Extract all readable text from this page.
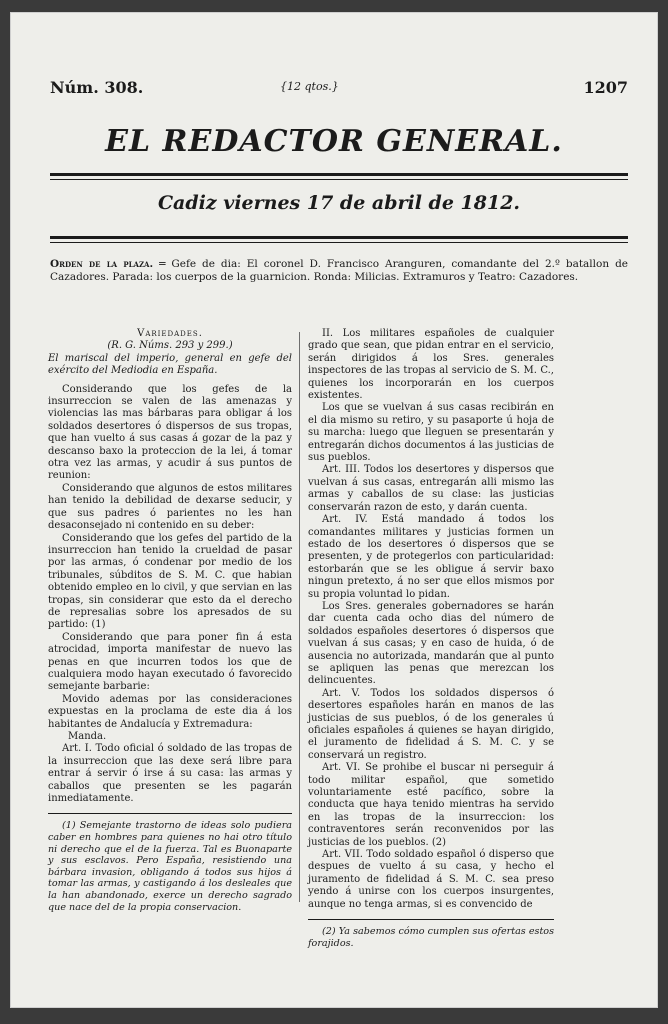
Núm. 308.	{12 qtos.}	1207
EL REDACTOR GENERAL.
Cadiz viernes 17 de abril de 1812.
Orden de la plaza. ═ Gefe de dia: El coronel D. Francisco Aranguren, comandante del 2.º batallon de Cazadores. Parada: los cuerpos de la guarnicion. Ronda: Milicias. Extramuros y Teatro: Cazadores.

Variedades.

(R. G. Núms. 293 y 299.)

El mariscal del imperio, general en gefe del exército del Mediodia en España.

Considerando que los gefes de la insurreccion se valen de las amenazas y violencias las mas bárbaras para obligar á los soldados desertores ó dispersos de sus tropas, que han vuelto á sus casas á gozar de la paz y descanso baxo la proteccion de la lei, á tomar otra vez las armas, y acudir á sus puntos de reunion:

Considerando que algunos de estos militares han tenido la debilidad de dexarse seducir, y que sus padres ó parientes no les han desaconsejado ni contenido en su deber:

Considerando que los gefes del partido de la insurreccion han tenido la crueldad de pasar por las armas, ó condenar por medio de los tribunales, súbditos de S. M. C. que habian obtenido empleo en lo civil, y que servian en las tropas, sin considerar que esto da el derecho de represalias sobre los apresados de su partido: (1)

Considerando que para poner fin á esta atrocidad, importa manifestar de nuevo las penas en que incurren todos los que de cualquiera modo hayan executado ó favorecido semejante barbarie:

Movido ademas por las consideraciones expuestas en la proclama de este dia á los habitantes de Andalucía y Extremadura:

Manda.

Art. I. Todo oficial ó soldado de las tropas de la insurreccion que las dexe será libre para entrar á servir ó irse á su casa: las armas y caballos que presenten se les pagarán inmediatamente.

(1) Semejante trastorno de ideas solo pudiera caber en hombres para quienes no hai otro título ni derecho que el de la fuerza. Tal es Buonaparte y sus esclavos. Pero España, resistiendo una bárbara invasion, obligando á todos sus hijos á tomar las armas, y castigando á los desleales que la han abandonado, exerce un derecho sagrado que nace del de la propia conservacion.

II. Los militares españoles de cualquier grado que sean, que pidan entrar en el servicio, serán dirigidos á los Sres. generales inspectores de las tropas al servicio de S. M. C., quienes los incorporarán en los cuerpos existentes.

Los que se vuelvan á sus casas recibirán en el dia mismo su retiro, y su pasaporte ú hoja de su marcha: luego que lleguen se presentarán y entregarán dichos documentos á las justicias de sus pueblos.

Art. III. Todos los desertores y dispersos que vuelvan á sus casas, entregarán alli mismo las armas y caballos de su clase: las justicias conservarán razon de esto, y darán cuenta.

Art. IV. Está mandado á todos los comandantes militares y justicias formen un estado de los desertores ó dispersos que se presenten, y de protegerlos con particularidad: estorbarán que se les obligue á servir baxo ningun pretexto, á no ser que ellos mismos por su propia voluntad lo pidan.

Los Sres. generales gobernadores se harán dar cuenta cada ocho dias del número de soldados españoles desertores ó dispersos que vuelvan á sus casas; y en caso de huida, ó de ausencia no autorizada, mandarán que al punto se apliquen las penas que merezcan los delincuentes.

Art. V. Todos los soldados dispersos ó desertores españoles harán en manos de las justicias de sus pueblos, ó de los generales ú oficiales españoles á quienes se hayan dirigido, el juramento de fidelidad á S. M. C. y se conservará un registro.

Art. VI. Se prohibe el buscar ni perseguir á todo militar español, que sometido voluntariamente esté pacífico, sobre la conducta que haya tenido mientras ha servido en las tropas de la insurreccion: los contraventores serán reconvenidos por las justicias de los pueblos. (2)

Art. VII. Todo soldado español ó disperso que despues de vuelto á su casa, y hecho el juramento de fidelidad á S. M. C. sea preso yendo á unirse con los cuerpos insurgentes, aunque no tenga armas, si es convencido de

(2) Ya sabemos cómo cumplen sus ofertas estos forajidos.
